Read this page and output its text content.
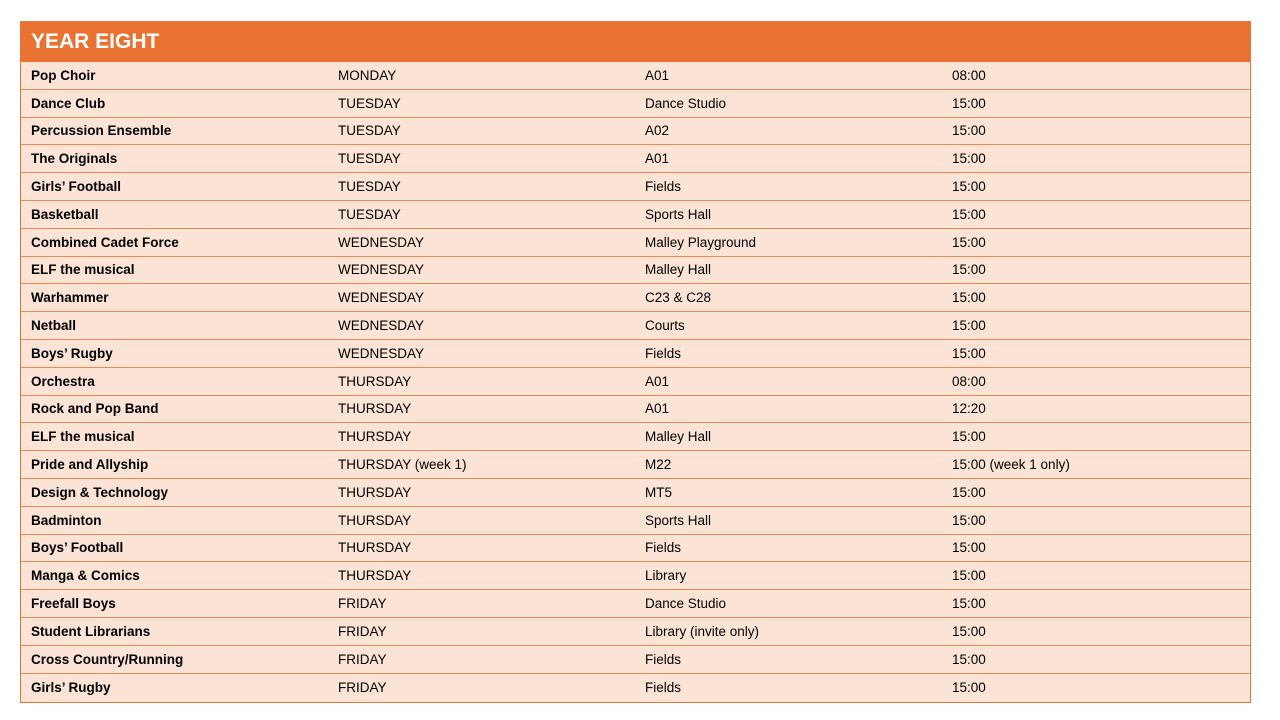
YEAR EIGHT
Pop Choir	MONDAY	A01	08:00
Dance Club	TUESDAY	Dance Studio	15:00
Percussion Ensemble	TUESDAY	A02	15:00
The Originals	TUESDAY	A01	15:00
Girls’ Football	TUESDAY	Fields	15:00
Basketball	TUESDAY	Sports Hall	15:00
Combined Cadet Force	WEDNESDAY	Malley Playground	15:00
ELF the musical	WEDNESDAY	Malley Hall	15:00
Warhammer	WEDNESDAY	C23 & C28	15:00
Netball	WEDNESDAY	Courts	15:00
Boys’ Rugby	WEDNESDAY	Fields	15:00
Orchestra	THURSDAY	A01	08:00
Rock and Pop Band	THURSDAY	A01	12:20
ELF the musical	THURSDAY	Malley Hall	15:00
Pride and Allyship	THURSDAY (week 1)	M22	15:00 (week 1 only)
Design & Technology	THURSDAY	MT5	15:00
Badminton	THURSDAY	Sports Hall	15:00
Boys’ Football	THURSDAY	Fields	15:00
Manga & Comics	THURSDAY	Library	15:00
Freefall Boys	FRIDAY	Dance Studio	15:00
Student Librarians	FRIDAY	Library (invite only)	15:00
Cross Country/Running	FRIDAY	Fields	15:00
Girls’ Rugby	FRIDAY	Fields	15:00
